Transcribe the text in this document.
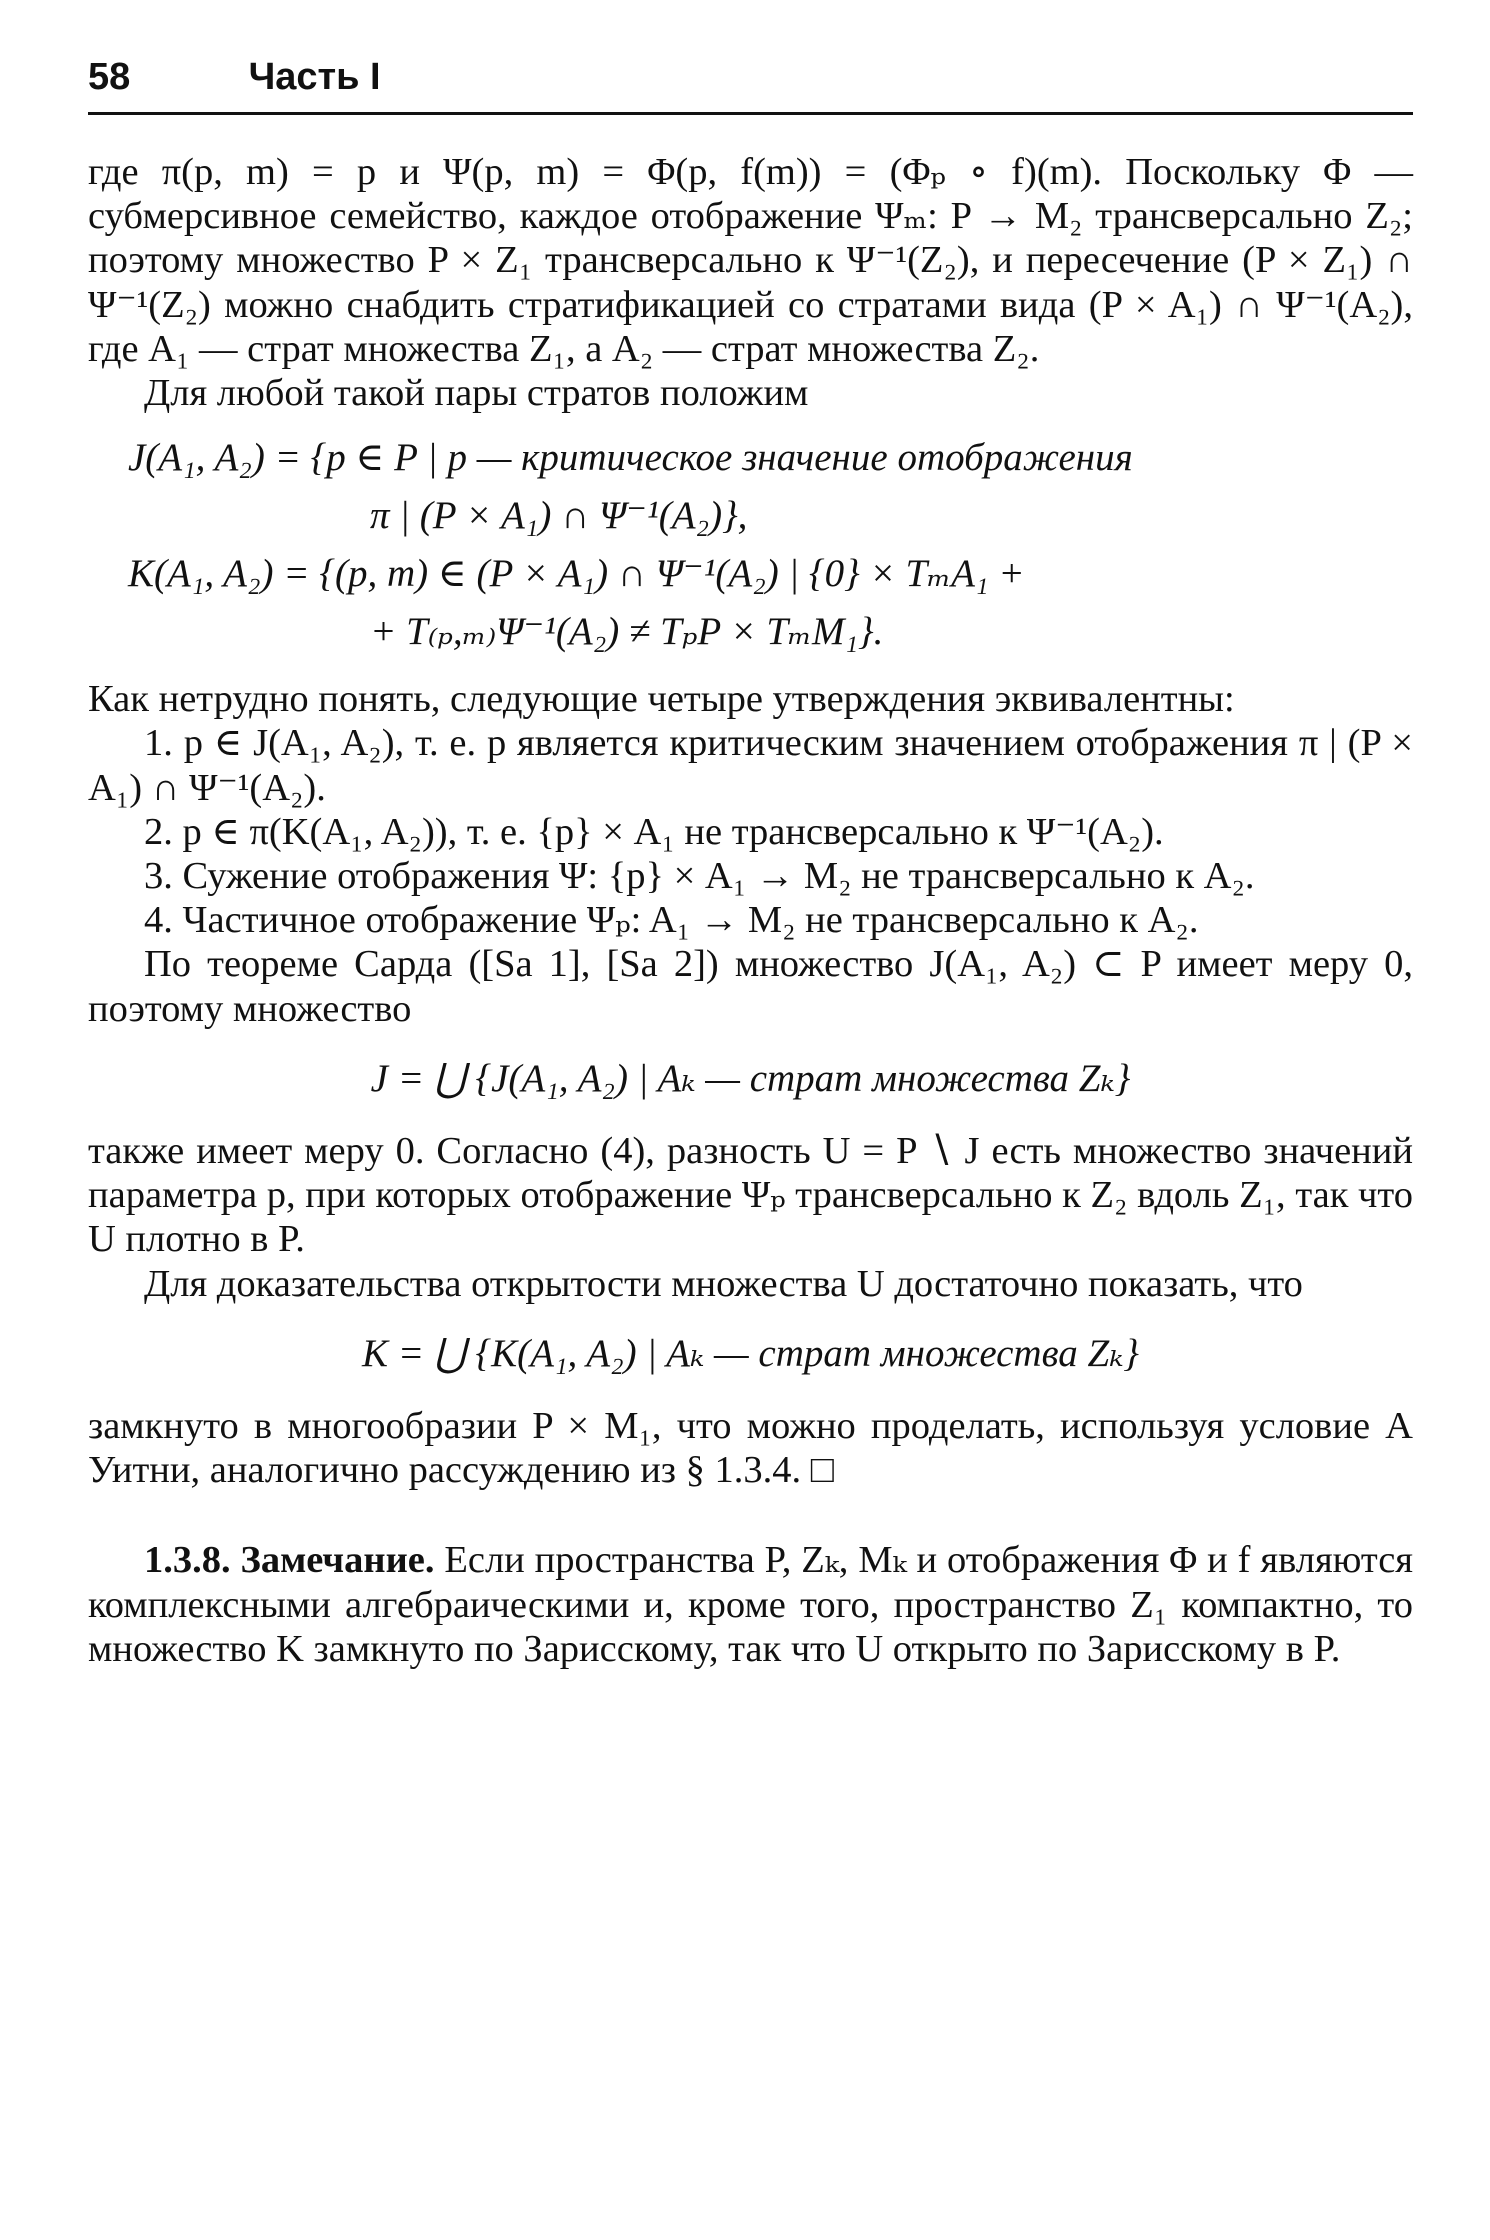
58	Часть I

где π(p, m) = p и Ψ(p, m) = Φ(p, f(m)) = (Φₚ ∘ f)(m). Поскольку Φ — субмерсивное семейство, каждое отображение Ψₘ: P → M₂ трансверсально Z₂; поэтому множество P × Z₁ трансверсально к Ψ⁻¹(Z₂), и пересечение (P × Z₁) ∩ Ψ⁻¹(Z₂) можно снабдить стратификацией со стратами вида (P × A₁) ∩ Ψ⁻¹(A₂), где A₁ — страт множества Z₁, а A₂ — страт множества Z₂.

Для любой такой пары стратов положим

J(A₁, A₂) = {p ∈ P | p — критическое значение отображения
π | (P × A₁) ∩ Ψ⁻¹(A₂)},
K(A₁, A₂) = {(p, m) ∈ (P × A₁) ∩ Ψ⁻¹(A₂) | {0} × TₘA₁ +
+ T₍ₚ,ₘ₎Ψ⁻¹(A₂) ≠ TₚP × TₘM₁}.

Как нетрудно понять, следующие четыре утверждения эквивалентны:

1. p ∈ J(A₁, A₂), т. е. p является критическим значением отображения π | (P × A₁) ∩ Ψ⁻¹(A₂).

2. p ∈ π(K(A₁, A₂)), т. е. {p} × A₁ не трансверсально к Ψ⁻¹(A₂).

3. Сужение отображения Ψ: {p} × A₁ → M₂ не трансверсально к A₂.

4. Частичное отображение Ψₚ: A₁ → M₂ не трансверсально к A₂.

По теореме Сарда ([Sa 1], [Sa 2]) множество J(A₁, A₂) ⊂ P имеет меру 0, поэтому множество

J = ⋃ {J(A₁, A₂) | Aₖ — страт множества Zₖ}

также имеет меру 0. Согласно (4), разность U = P ∖ J есть множество значений параметра p, при которых отображение Ψₚ трансверсально к Z₂ вдоль Z₁, так что U плотно в P.

Для доказательства открытости множества U достаточно показать, что

K = ⋃ {K(A₁, A₂) | Aₖ — страт множества Zₖ}

замкнуто в многообразии P × M₁, что можно проделать, используя условие A Уитни, аналогично рассуждению из § 1.3.4. □

1.3.8. Замечание. Если пространства P, Zₖ, Mₖ и отображения Φ и f являются комплексными алгебраическими и, кроме того, пространство Z₁ компактно, то множество K замкнуто по Зарисскому, так что U открыто по Зарисскому в P.
